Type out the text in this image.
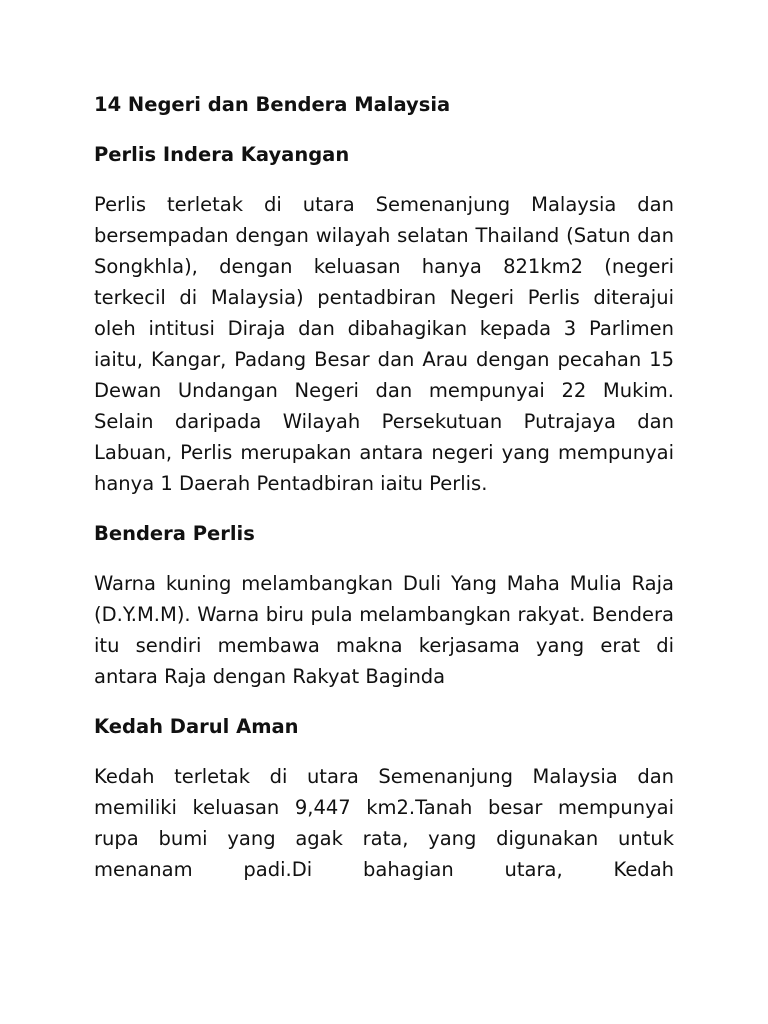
14 Negeri dan Bendera Malaysia
Perlis Indera Kayangan

Perlis terletak di utara Semenanjung Malaysia dan bersempadan dengan wilayah selatan Thailand (Satun dan Songkhla), dengan keluasan hanya 821km2 (negeri terkecil di Malaysia) pentadbiran Negeri Perlis diterajui oleh intitusi Diraja dan dibahagikan kepada 3 Parlimen iaitu, Kangar, Padang Besar dan Arau dengan pecahan 15 Dewan Undangan Negeri dan mempunyai 22 Mukim. Selain daripada Wilayah Persekutuan Putrajaya dan Labuan, Perlis merupakan antara negeri yang mempunyai hanya 1 Daerah Pentadbiran iaitu Perlis.

Bendera Perlis

Warna kuning melambangkan Duli Yang Maha Mulia Raja (D.Y.M.M). Warna biru pula melambangkan rakyat. Bendera itu sendiri membawa makna kerjasama yang erat di antara Raja dengan Rakyat Baginda

Kedah Darul Aman

Kedah terletak di utara Semenanjung Malaysia dan memiliki keluasan 9,447 km2.Tanah besar mempunyai rupa bumi yang agak rata, yang digunakan untuk menanam padi.Di bahagian utara, Kedah
